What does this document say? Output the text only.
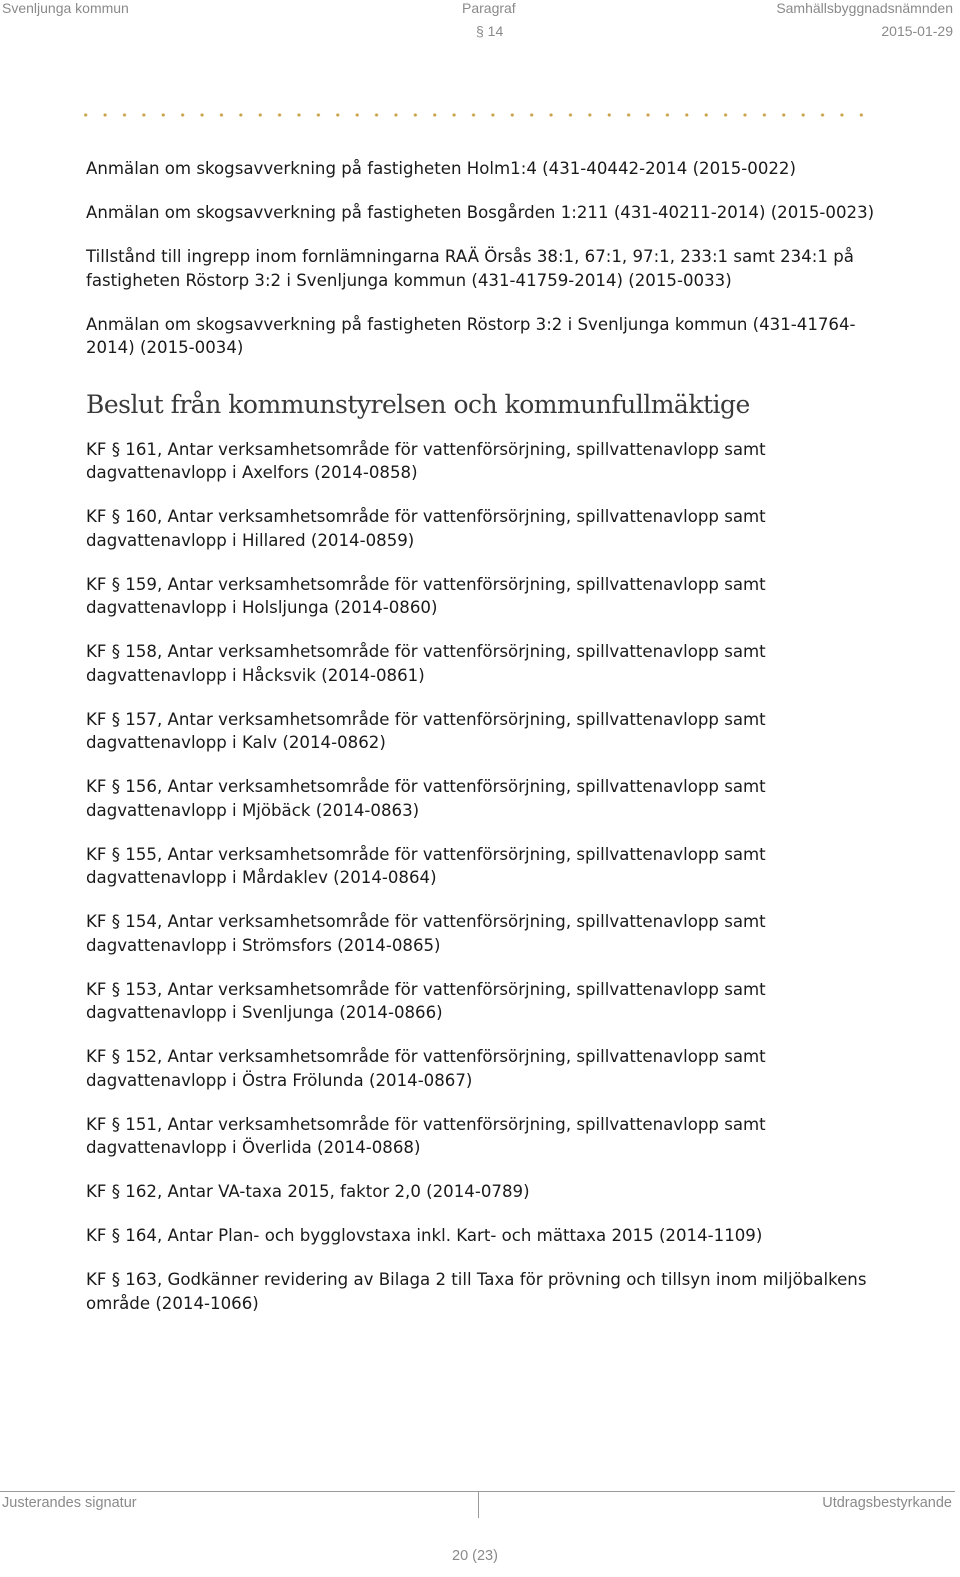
Svenljunga kommun	Paragraf	Samhällsbyggnadsnämnden
§ 14	2015-01-29
Anmälan om skogsavverkning på fastigheten Holm1:4 (431-40442-2014 (2015-0022)
Anmälan om skogsavverkning på fastigheten Bosgården 1:211 (431-40211-2014) (2015-0023)
Tillstånd till ingrepp inom fornlämningarna RAÄ Örsås 38:1, 67:1, 97:1, 233:1 samt 234:1 på fastigheten Röstorp 3:2 i Svenljunga kommun (431-41759-2014) (2015-0033)
Anmälan om skogsavverkning på fastigheten Röstorp 3:2 i Svenljunga kommun (431-41764-2014) (2015-0034)
Beslut från kommunstyrelsen och kommunfullmäktige
KF § 161, Antar verksamhetsområde för vattenförsörjning, spillvattenavlopp samt dagvattenavlopp i Axelfors (2014-0858)
KF § 160, Antar verksamhetsområde för vattenförsörjning, spillvattenavlopp samt dagvattenavlopp i Hillared (2014-0859)
KF § 159, Antar verksamhetsområde för vattenförsörjning, spillvattenavlopp samt dagvattenavlopp i Holsljunga (2014-0860)
KF § 158, Antar verksamhetsområde för vattenförsörjning, spillvattenavlopp samt dagvattenavlopp i Håcksvik (2014-0861)
KF § 157, Antar verksamhetsområde för vattenförsörjning, spillvattenavlopp samt dagvattenavlopp i Kalv (2014-0862)
KF § 156, Antar verksamhetsområde för vattenförsörjning, spillvattenavlopp samt dagvattenavlopp i Mjöbäck (2014-0863)
KF § 155, Antar verksamhetsområde för vattenförsörjning, spillvattenavlopp samt dagvattenavlopp i Mårdaklev (2014-0864)
KF § 154, Antar verksamhetsområde för vattenförsörjning, spillvattenavlopp samt dagvattenavlopp i Strömsfors (2014-0865)
KF § 153, Antar verksamhetsområde för vattenförsörjning, spillvattenavlopp samt dagvattenavlopp i Svenljunga (2014-0866)
KF § 152, Antar verksamhetsområde för vattenförsörjning, spillvattenavlopp samt dagvattenavlopp i Östra Frölunda (2014-0867)
KF § 151, Antar verksamhetsområde för vattenförsörjning, spillvattenavlopp samt dagvattenavlopp i Överlida (2014-0868)
KF § 162, Antar VA-taxa 2015, faktor 2,0 (2014-0789)
KF § 164, Antar Plan- och bygglovstaxa inkl. Kart- och mättaxa 2015 (2014-1109)
KF § 163, Godkänner revidering av Bilaga 2 till Taxa för prövning och tillsyn inom miljöbalkens område (2014-1066)
Justerandes signatur	Utdragsbestyrkande
20 (23)
